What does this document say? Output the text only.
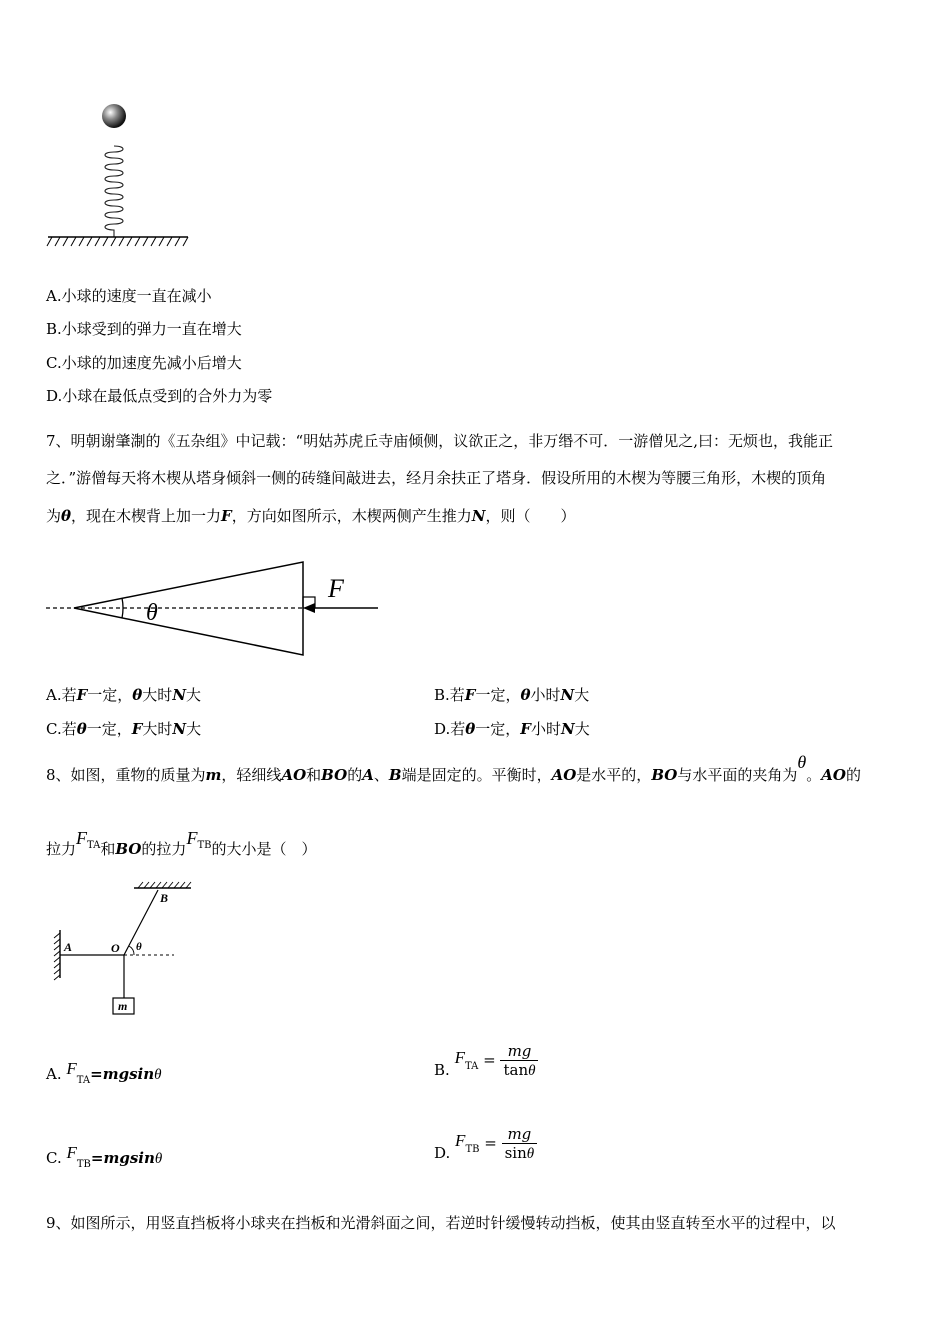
A.小球的速度一直在减小
B.小球受到的弹力一直在增大
C.小球的加速度先减小后增大
D.小球在最低点受到的合外力为零
7、明朝谢肇淛的《五杂组》中记载：“明姑苏虎丘寺庙倾侧，议欲正之，非万缗不可．一游僧见之,曰：无烦也，我能正
之．”游僧每天将木楔从塔身倾斜一侧的砖缝间敲进去，经月余扶正了塔身．假设所用的木楔为等腰三角形，木楔的顶角
为θ，现在木楔背上加一力F，方向如图所示，木楔两侧产生推力N，则（　　）
θ
F
A.若F一定，θ大时N大	B.若F一定，θ小时N大
C.若θ一定，F大时N大	D.若θ一定，F小时N大
8、如图，重物的质量为m，轻细线AO和BO的A、B端是固定的。平衡时，AO是水平的，BO与水平面的夹角为θ。AO的
拉力$F_{TA}$和BO的拉力$F_{TB}$的大小是（　）
A	O
B
θ
m
A. $F_{TA}=mgsin\theta$	B. $F_{TA} = \frac{mg}{\tan\theta}$
C. $F_{TB}=mgsin\theta$	D. $F_{TB} = \frac{mg}{\sin\theta}$
9、如图所示，用竖直挡板将小球夹在挡板和光滑斜面之间，若逆时针缓慢转动挡板，使其由竖直转至水平的过程中，以
